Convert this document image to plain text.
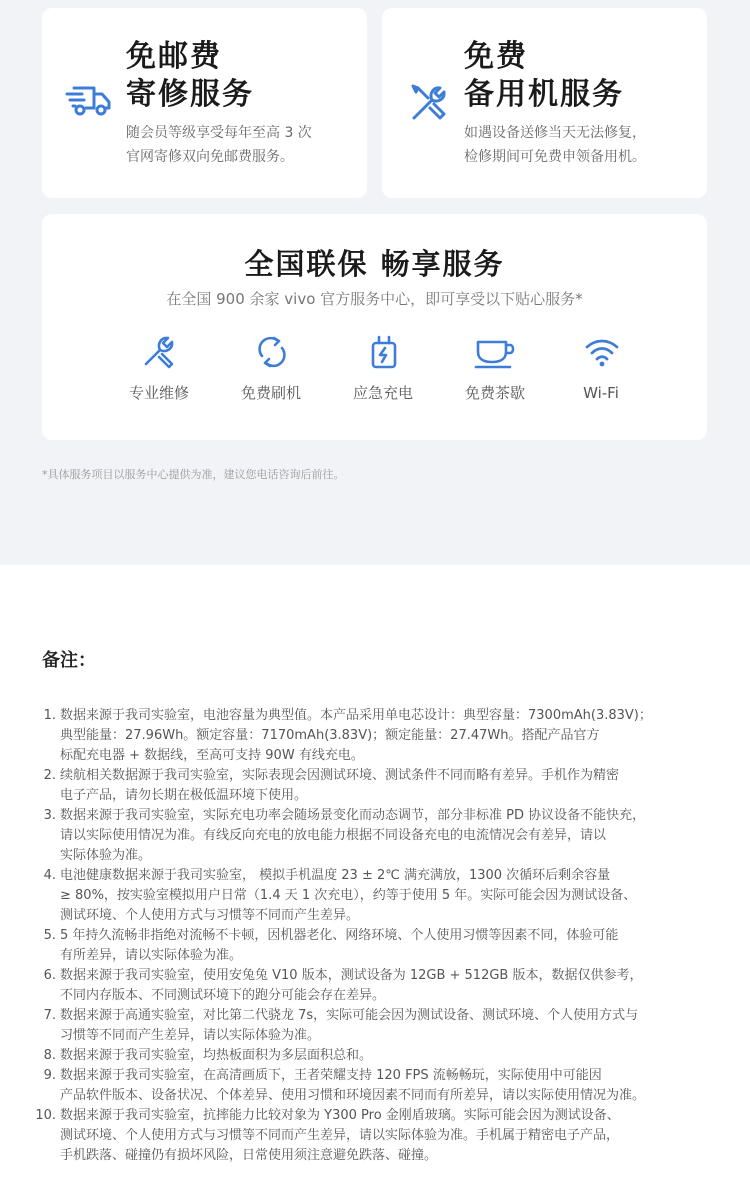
免邮费
寄修服务
随会员等级享受每年至高 3 次
官网寄修双向免邮费服务。
免费
备用机服务
如遇设备送修当天无法修复，
检修期间可免费申领备用机。
全国联保 畅享服务
在全国 900 余家 vivo 官方服务中心，即可享受以下贴心服务*
专业维修	免费刷机	应急充电	免费茶歇	Wi-Fi
*具体服务项目以服务中心提供为准，建议您电话咨询后前往。
备注：
1. 数据来源于我司实验室，电池容量为典型值。本产品采用单电芯设计：典型容量：7300mAh(3.83V)；
典型能量：27.96Wh。额定容量：7170mAh(3.83V)；额定能量：27.47Wh。搭配产品官方
标配充电器 + 数据线，至高可支持 90W 有线充电。
2. 续航相关数据源于我司实验室，实际表现会因测试环境、测试条件不同而略有差异。手机作为精密
电子产品，请勿长期在极低温环境下使用。
3. 数据来源于我司实验室，实际充电功率会随场景变化而动态调节，部分非标准 PD 协议设备不能快充，
请以实际使用情况为准。有线反向充电的放电能力根据不同设备充电的电流情况会有差异，请以
实际体验为准。
4. 电池健康数据来源于我司实验室， 模拟手机温度 23 ± 2℃ 满充满放，1300 次循环后剩余容量
≥ 80%，按实验室模拟用户日常（1.4 天 1 次充电），约等于使用 5 年。实际可能会因为测试设备、
测试环境、个人使用方式与习惯等不同而产生差异。
5. 5 年持久流畅非指绝对流畅不卡顿，因机器老化、网络环境、个人使用习惯等因素不同，体验可能
有所差异，请以实际体验为准。
6. 数据来源于我司实验室，使用安兔兔 V10 版本，测试设备为 12GB + 512GB 版本，数据仅供参考，
不同内存版本、不同测试环境下的跑分可能会存在差异。
7. 数据来源于高通实验室，对比第二代骁龙 7s，实际可能会因为测试设备、测试环境、个人使用方式与
习惯等不同而产生差异，请以实际体验为准。
8. 数据来源于我司实验室，均热板面积为多层面积总和。
9. 数据来源于我司实验室，在高清画质下，王者荣耀支持 120 FPS 流畅畅玩，实际使用中可能因
产品软件版本、设备状况、个体差异、使用习惯和环境因素不同而有所差异，请以实际使用情况为准。
10. 数据来源于我司实验室，抗摔能力比较对象为 Y300 Pro 金刚盾玻璃。实际可能会因为测试设备、
测试环境、个人使用方式与习惯等不同而产生差异，请以实际体验为准。手机属于精密电子产品，
手机跌落、碰撞仍有损坏风险，日常使用须注意避免跌落、碰撞。
